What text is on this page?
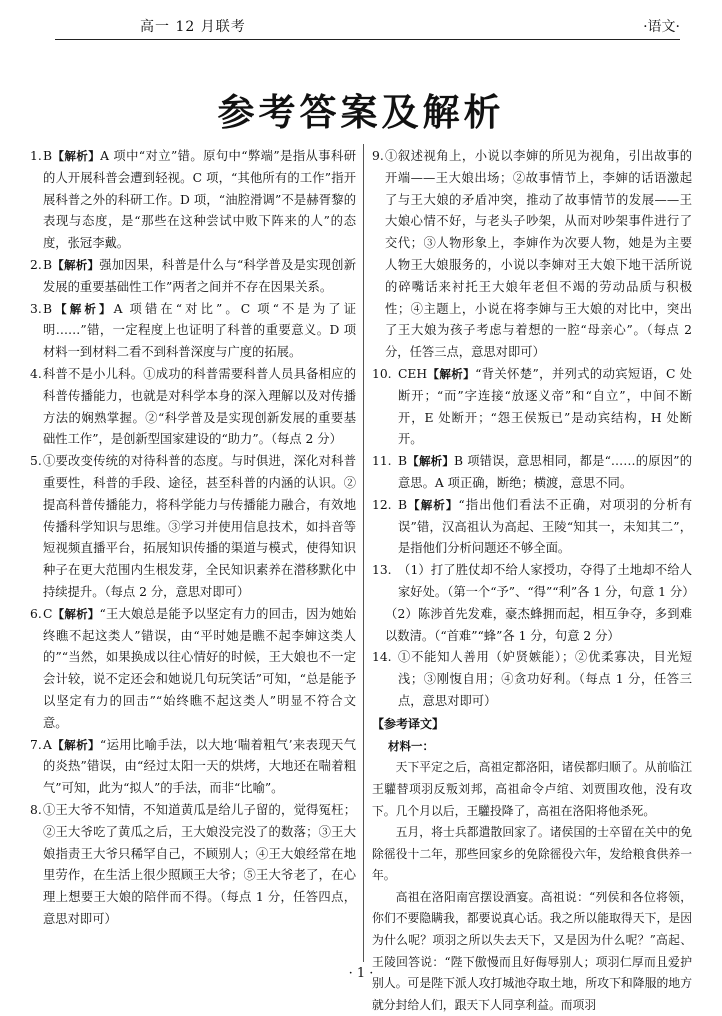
高一 12 月联考	·语文·
参考答案及解析
1. B【解析】A 项中“对立”错。原句中“弊端”是指从事科研的人开展科普会遭到轻视。C 项，“其他所有的工作”指开展科普之外的科研工作。D 项，“油腔滑调”不是赫胥黎的表现与态度，是“那些在这种尝试中败下阵来的人”的态度，张冠李戴。
2. B【解析】强加因果，科普是什么与“科学普及是实现创新发展的重要基础性工作”两者之间并不存在因果关系。
3. B【解析】A 项错在“对比”。C 项“不是为了证明……”错，一定程度上也证明了科普的重要意义。D 项材料一到材料二看不到科普深度与广度的拓展。
4. 科普不是小儿科。①成功的科普需要科普人员具备相应的科普传播能力，也就是对科学本身的深入理解以及对传播方法的娴熟掌握。②“科学普及是实现创新发展的重要基础性工作”，是创新型国家建设的“助力”。（每点 2 分）
5. ①要改变传统的对待科普的态度。与时俱进，深化对科普重要性，科普的手段、途径，甚至科普的内涵的认识。②提高科普传播能力，将科学能力与传播能力融合，有效地传播科学知识与思维。③学习并使用信息技术，如抖音等短视频直播平台，拓展知识传播的渠道与模式，使得知识种子在更大范围内生根发芽，全民知识素养在潜移默化中持续提升。（每点 2 分，意思对即可）
6. C【解析】“王大娘总是能予以坚定有力的回击，因为她始终瞧不起这类人”错误，由“平时她是瞧不起李婶这类人的”“当然，如果换成以往心情好的时候，王大娘也不一定会计较，说不定还会和她说几句玩笑话”可知，“总是能予以坚定有力的回击”“始终瞧不起这类人”明显不符合文意。
7. A【解析】“运用比喻手法，以大地‘喘着粗气’来表现天气的炎热”错误，由“经过太阳一天的烘烤，大地还在喘着粗气”可知，此为“拟人”的手法，而非“比喻”。
8. ①王大爷不知情，不知道黄瓜是给儿子留的，觉得冤枉；②王大爷吃了黄瓜之后，王大娘没完没了的数落；③王大娘指责王大爷只稀罕自己，不顾别人；④王大娘经常在地里劳作，在生活上很少照顾王大爷；⑤王大爷老了，在心理上想要王大娘的陪伴而不得。（每点 1 分，任答四点，意思对即可）
9. ①叙述视角上，小说以李婶的所见为视角，引出故事的开端——王大娘出场；②故事情节上，李婶的话语激起了与王大娘的矛盾冲突，推动了故事情节的发展——王大娘心情不好，与老头子吵架，从而对吵架事件进行了交代；③人物形象上，李婶作为次要人物，她是为主要人物王大娘服务的，小说以李婶对王大娘下地干活所说的碎嘴话来衬托王大娘年老但不竭的劳动品质与积极性；④主题上，小说在将李婶与王大娘的对比中，突出了王大娘为孩子考虑与着想的一腔“母亲心”。（每点 2 分，任答三点，意思对即可）
10. CEH【解析】“背关怀楚”，并列式的动宾短语，C 处断开；“而”字连接“放逐义帝”和“自立”，中间不断开，E 处断开；“怨王侯叛已”是动宾结构，H 处断开。
11. B【解析】B 项错误，意思相同，都是“……的原因”的意思。A 项正确，断绝；横渡，意思不同。
12. B【解析】“指出他们看法不正确，对项羽的分析有误”错，汉高祖认为高起、王陵“知其一，未知其二”，是指他们分析问题还不够全面。
13. （1）打了胜仗却不给人家授功，夺得了土地却不给人家好处。（第一个“予”、“得”“利”各 1 分，句意 1 分）
（2）陈涉首先发难，豪杰蜂拥而起，相互争夺，多到难以数清。（“首难”“蜂”各 1 分，句意 2 分）
14. ①不能知人善用（妒贤嫉能）；②优柔寡决，目光短浅；③刚愎自用；④贪功好利。（每点 1 分，任答三点，意思对即可）
【参考译文】
材料一：

天下平定之后，高祖定都洛阳，诸侯都归顺了。从前临江王驩替项羽反叛刘邦，高祖命令卢绾、刘贾围攻他，没有攻下。几个月以后，王驩投降了，高祖在洛阳将他杀死。

五月，将士兵都遣散回家了。诸侯国的士卒留在关中的免除徭役十二年，那些回家乡的免除徭役六年，发给粮食供养一年。

高祖在洛阳南宫摆设酒宴。高祖说：“列侯和各位将领，你们不要隐瞒我，都要说真心话。我之所以能取得天下，是因为什么呢？项羽之所以失去天下，又是因为什么呢？”高起、王陵回答说：“陛下傲慢而且好侮辱别人；项羽仁厚而且爱护别人。可是陛下派人攻打城池夺取土地，所攻下和降服的地方就分封给人们，跟天下人同享利益。而项羽

· 1 ·
